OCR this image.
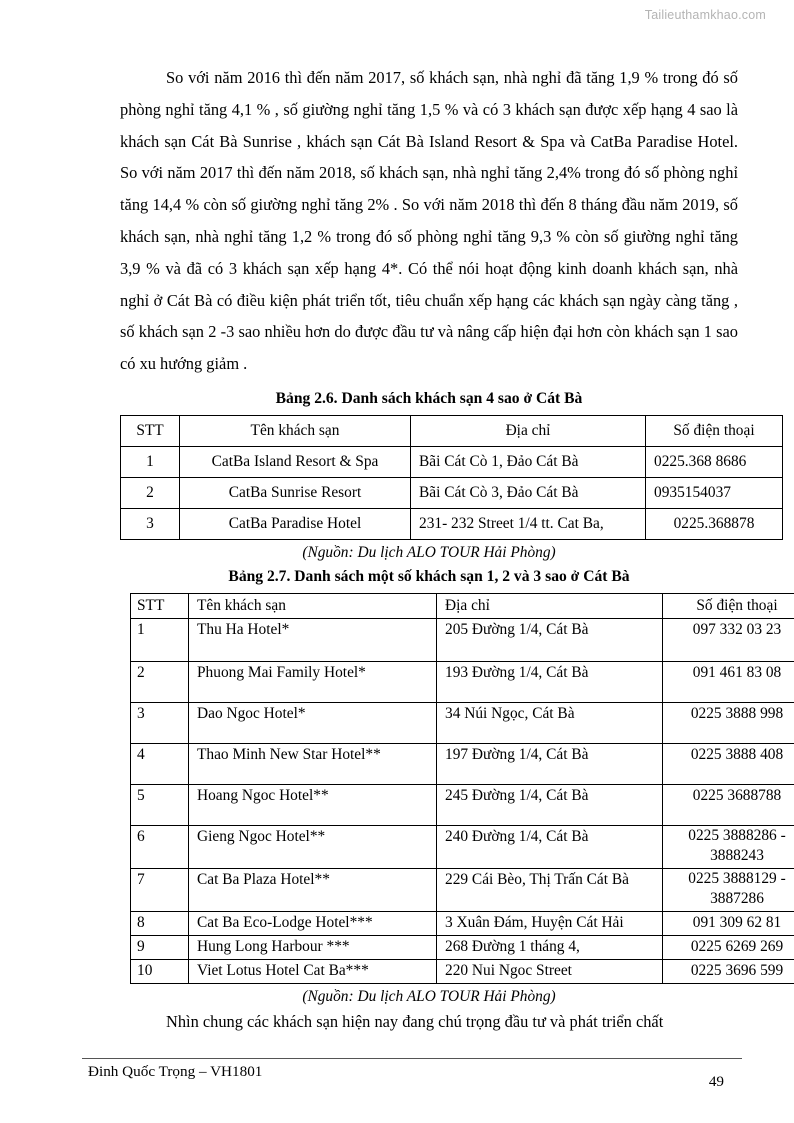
Tailieuthamkhao.com

So với năm 2016 thì đến năm 2017, số khách sạn, nhà nghỉ đã tăng 1,9 % trong đó số phòng nghỉ tăng 4,1 % , số giường nghỉ tăng 1,5 % và có 3 khách sạn được xếp hạng 4 sao là khách sạn Cát Bà Sunrise , khách sạn Cát Bà Island Resort & Spa và CatBa Paradise Hotel. So với năm 2017 thì đến năm 2018, số khách sạn, nhà nghỉ tăng 2,4% trong đó số phòng nghỉ tăng 14,4 % còn số giường nghỉ tăng 2% . So với năm 2018 thì đến 8 tháng đầu năm 2019, số khách sạn, nhà nghỉ tăng 1,2 % trong đó số phòng nghỉ tăng 9,3 % còn số giường nghỉ tăng 3,9 % và đã có 3 khách sạn xếp hạng 4*. Có thể nói hoạt động kinh doanh khách sạn, nhà nghỉ ở Cát Bà có điều kiện phát triển tốt, tiêu chuẩn xếp hạng các khách sạn ngày càng tăng , số khách sạn 2 -3 sao nhiều hơn do được đầu tư và nâng cấp hiện đại hơn còn khách sạn 1 sao có xu hướng giảm .

Bảng 2.6. Danh sách khách sạn 4 sao ở Cát Bà
STT	Tên khách sạn	Địa chỉ	Số điện thoại
1	CatBa Island Resort & Spa	Bãi Cát Cò 1, Đảo Cát Bà	0225.368 8686
2	CatBa Sunrise Resort	Bãi Cát Cò 3, Đảo Cát Bà	0935154037
3	CatBa Paradise Hotel	231- 232 Street 1/4 tt. Cat Ba,	0225.368878
(Nguồn: Du lịch ALO TOUR Hải Phòng)
Bảng 2.7. Danh sách một số khách sạn 1, 2 và 3 sao ở Cát Bà
STT	Tên khách sạn	Địa chỉ	Số điện thoại
1	Thu Ha Hotel*	205 Đường 1/4, Cát Bà	097 332 03 23
2	Phuong Mai Family Hotel*	193 Đường 1/4, Cát Bà	091 461 83 08
3	Dao Ngoc Hotel*	34 Núi Ngọc, Cát Bà	0225 3888 998
4	Thao Minh New Star Hotel**	197 Đường 1/4, Cát Bà	0225 3888 408
5	Hoang Ngoc Hotel**	245 Đường 1/4, Cát Bà	0225 3688788
6	Gieng Ngoc Hotel**	240 Đường 1/4, Cát Bà	0225 3888286 - 3888243
7	Cat Ba Plaza Hotel**	229 Cái Bèo, Thị Trấn Cát Bà	0225 3888129 - 3887286
8	Cat Ba Eco-Lodge Hotel***	3 Xuân Đám, Huyện Cát Hải	091 309 62 81
9	Hung Long Harbour ***	268 Đường 1 tháng 4,	0225 6269 269
10	Viet Lotus Hotel Cat Ba***	220 Nui Ngoc Street	0225 3696 599
(Nguồn: Du lịch ALO TOUR Hải Phòng)

Nhìn chung các khách sạn hiện nay đang chú trọng đầu tư và phát triển chất

Đinh Quốc Trọng – VH1801
49
